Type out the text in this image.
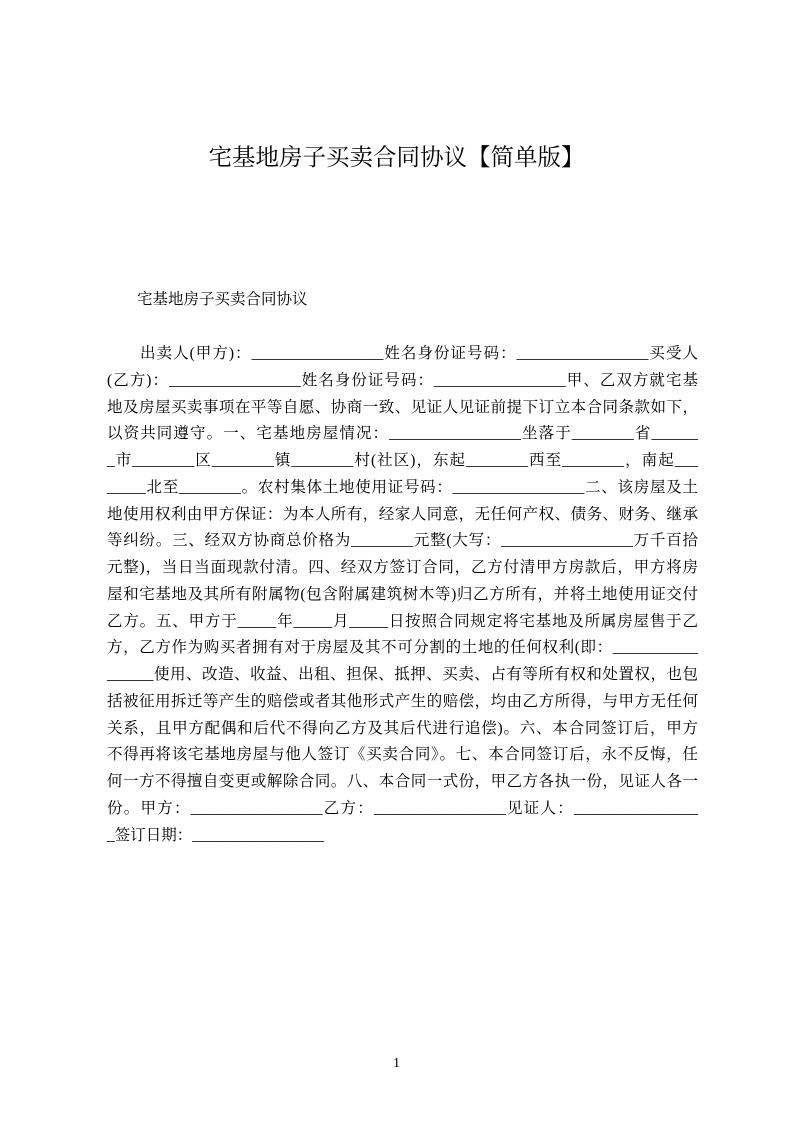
宅基地房子买卖合同协议【简单版】
宅基地房子买卖合同协议
出卖人(甲方)：_________________姓名身份证号码：_________________买受人
(乙方)：_________________姓名身份证号码：_________________甲、乙双方就宅基
地及房屋买卖事项在平等自愿、协商一致、见证人见证前提下订立本合同条款如下，
以资共同遵守。一、宅基地房屋情况：_________________坐落于________省______
_市________区________镇________村(社区)，东起________西至________，南起___
_____北至________。农村集体土地使用证号码：_________________二、该房屋及土
地使用权利由甲方保证：为本人所有，经家人同意，无任何产权、债务、财务、继承
等纠纷。三、经双方协商总价格为________元整(大写：_________________万千百拾
元整)，当日当面现款付清。四、经双方签订合同，乙方付清甲方房款后，甲方将房
屋和宅基地及其所有附属物(包含附属建筑树木等)归乙方所有，并将土地使用证交付
乙方。五、甲方于_____年_____月_____日按照合同规定将宅基地及所属房屋售于乙
方，乙方作为购买者拥有对于房屋及其不可分割的土地的任何权利(即：___________
______使用、改造、收益、出租、担保、抵押、买卖、占有等所有权和处置权，也包
括被征用拆迁等产生的赔偿或者其他形式产生的赔偿，均由乙方所得，与甲方无任何
关系，且甲方配偶和后代不得向乙方及其后代进行追偿)。六、本合同签订后，甲方
不得再将该宅基地房屋与他人签订《买卖合同》。七、本合同签订后，永不反悔，任
何一方不得擅自变更或解除合同。八、本合同一式份，甲乙方各执一份，见证人各一
份。甲方：_________________乙方：_________________见证人：________________
_签订日期：_________________
1
